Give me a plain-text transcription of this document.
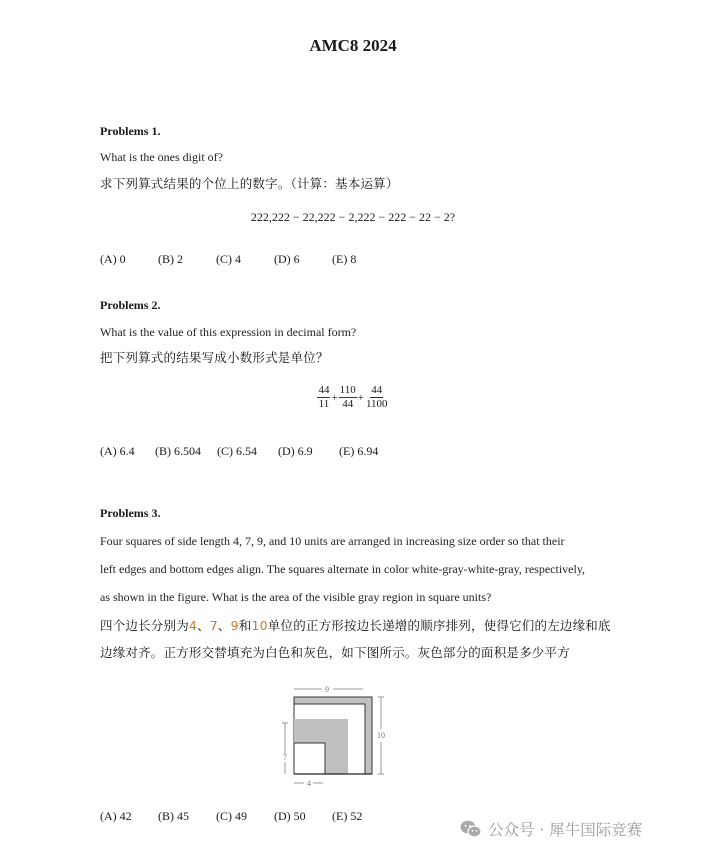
AMC8 2024
Problems 1.
What is the ones digit of?
求下列算式结果的个位上的数字。（计算：基本运算）
222,222 − 22,222 − 2,222 − 222 − 22 − 2?
(A) 0	(B) 2	(C) 4	(D) 6	(E) 8
Problems 2.
What is the value of this expression in decimal form?
把下列算式的结果写成小数形式是单位？
$\frac{44}{11} + \frac{110}{44} + \frac{44}{1100}$
(A) 6.4	(B) 6.504	(C) 6.54	(D) 6.9	(E) 6.94
Problems 3.
Four squares of side length 4, 7, 9, and 10 units are arranged in increasing size order so that their
left edges and bottom edges align. The squares alternate in color white-gray-white-gray, respectively,
as shown in the figure. What is the area of the visible gray region in square units?
四个边长分别为4、7、9和10单位的正方形按边长递增的顺序排列，使得它们的左边缘和底
边缘对齐。正方形交替填充为白色和灰色，如下图所示。灰色部分的面积是多少平方
9
10
7
4
(A) 42	(B) 45	(C) 49	(D) 50	(E) 52
公众号 · 犀牛国际竞赛
